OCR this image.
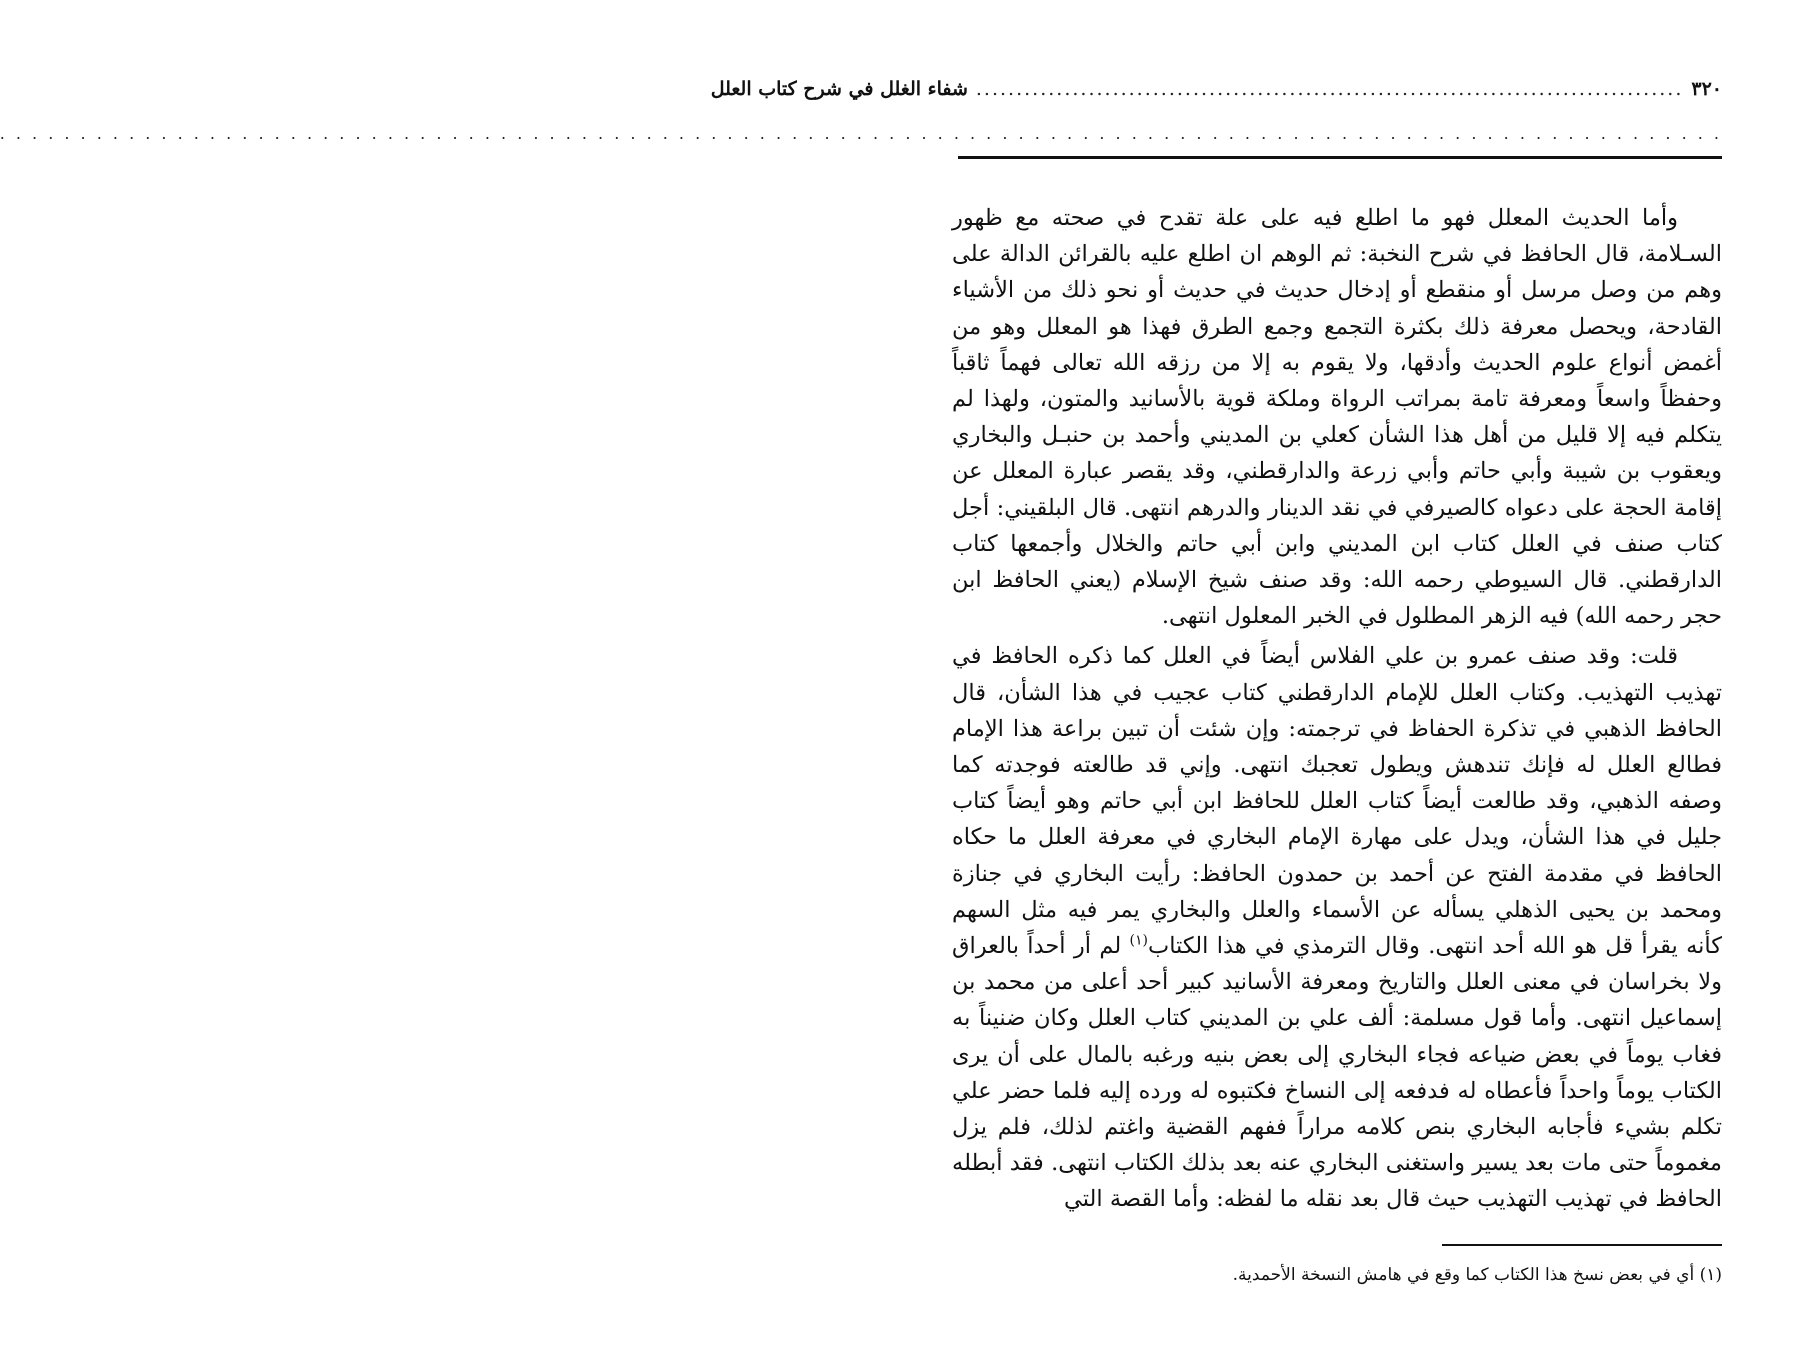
٣٢٠
........................................................................................
شفاء الغلل في شرح كتاب العلل
. . . . . . . . . . . . . . . . . . . . . . . . . . . . . . . . . . . . . . . . . . . . . . . . . . . . . . . . . . . . . . . . . . . . . . . . . . . . . . . . . . . . . . . . . . . . . . . . . . . . . . . . . . .

وأما الحديث المعلل فهو ما اطلع فيه على علة تقدح في صحته مع ظهور السـلامة، قال الحافظ في شرح النخبة: ثم الوهم ان اطلع عليه بالقرائن الدالة على وهم من وصل مرسل أو منقطع أو إدخال حديث في حديث أو نحو ذلك من الأشياء القادحة، ويحصل معرفة ذلك بكثرة التجمع وجمع الطرق فهذا هو المعلل وهو من أغمض أنواع علوم الحديث وأدقها، ولا يقوم به إلا من رزقه الله تعالى فهماً ثاقباً وحفظاً واسعاً ومعرفة تامة بمراتب الرواة وملكة قوية بالأسانيد والمتون، ولهذا لم يتكلم فيه إلا قليل من أهل هذا الشأن كعلي بن المديني وأحمد بن حنبـل والبخاري ويعقوب بن شيبة وأبي حاتم وأبي زرعة والدارقطني، وقد يقصر عبارة المعلل عن إقامة الحجة على دعواه كالصيرفي في نقد الدينار والدرهم انتهى. قال البلقيني: أجل كتاب صنف في العلل كتاب ابن المديني وابن أبي حاتم والخلال وأجمعها كتاب الدارقطني. قال السيوطي رحمه الله: وقد صنف شيخ الإسلام (يعني الحافظ ابن حجر رحمه الله) فيه الزهر المطلول في الخبر المعلول انتهى.

قلت: وقد صنف عمرو بن علي الفلاس أيضاً في العلل كما ذكره الحافظ في تهذيب التهذيب. وكتاب العلل للإمام الدارقطني كتاب عجيب في هذا الشأن، قال الحافظ الذهبي في تذكرة الحفاظ في ترجمته: وإن شئت أن تبين براعة هذا الإمام فطالع العلل له فإنك تندهش ويطول تعجبك انتهى. وإني قد طالعته فوجدته كما وصفه الذهبي، وقد طالعت أيضاً كتاب العلل للحافظ ابن أبي حاتم وهو أيضاً كتاب جليل في هذا الشأن، ويدل على مهارة الإمام البخاري في معرفة العلل ما حكاه الحافظ في مقدمة الفتح عن أحمد بن حمدون الحافظ: رأيت البخاري في جنازة ومحمد بن يحيى الذهلي يسأله عن الأسماء والعلل والبخاري يمر فيه مثل السهم كأنه يقرأ قل هو الله أحد انتهى. وقال الترمذي في هذا الكتاب$^{(١)}$ لم أر أحداً بالعراق ولا بخراسان في معنى العلل والتاريخ ومعرفة الأسانيد كبير أحد أعلى من محمد بن إسماعيل انتهى. وأما قول مسلمة: ألف علي بن المديني كتاب العلل وكان ضنيناً به فغاب يوماً في بعض ضياعه فجاء البخاري إلى بعض بنيه ورغبه بالمال على أن يرى الكتاب يوماً واحداً فأعطاه له فدفعه إلى النساخ فكتبوه له ورده إليه فلما حضر علي تكلم بشيء فأجابه البخاري بنص كلامه مراراً ففهم القضية واغتم لذلك، فلم يزل مغموماً حتى مات بعد يسير واستغنى البخاري عنه بعد بذلك الكتاب انتهى. فقد أبطله الحافظ في تهذيب التهذيب حيث قال بعد نقله ما لفظه: وأما القصة التي

(١) أي في بعض نسخ هذا الكتاب كما وقع في هامش النسخة الأحمدية.
